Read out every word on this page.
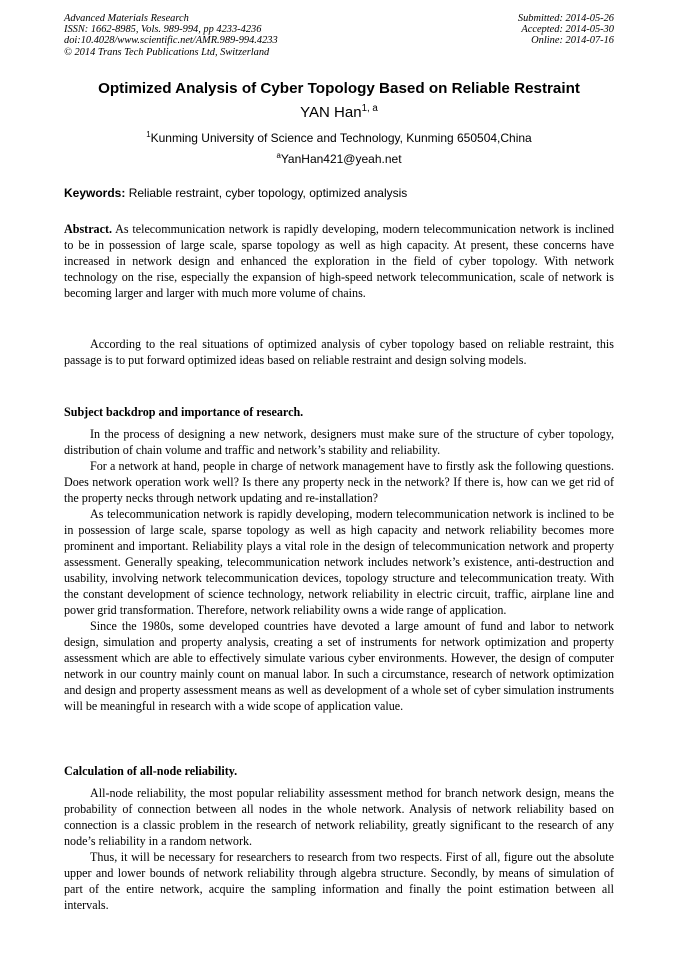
Advanced Materials Research
ISSN: 1662-8985, Vols. 989-994, pp 4233-4236
doi:10.4028/www.scientific.net/AMR.989-994.4233
© 2014 Trans Tech Publications Ltd, Switzerland
Submitted: 2014-05-26
Accepted: 2014-05-30
Online: 2014-07-16
Optimized Analysis of Cyber Topology Based on Reliable Restraint
YAN Han$^{1, a}$
$^1$Kunming University of Science and Technology, Kunming 650504,China
$^a$YanHan421@yeah.net
Keywords: Reliable restraint, cyber topology, optimized analysis

Abstract. As telecommunication network is rapidly developing, modern telecommunication network is inclined to be in possession of large scale, sparse topology as well as high capacity. At present, these concerns have increased in network design and enhanced the exploration in the field of cyber topology. With network technology on the rise, especially the expansion of high-speed network telecommunication, scale of network is becoming larger and larger with much more volume of chains.

According to the real situations of optimized analysis of cyber topology based on reliable restraint, this passage is to put forward optimized ideas based on reliable restraint and design solving models.

Subject backdrop and importance of research.

In the process of designing a new network, designers must make sure of the structure of cyber topology, distribution of chain volume and traffic and network’s stability and reliability.

For a network at hand, people in charge of network management have to firstly ask the following questions. Does network operation work well? Is there any property neck in the network? If there is, how can we get rid of the property necks through network updating and re-installation?

As telecommunication network is rapidly developing, modern telecommunication network is inclined to be in possession of large scale, sparse topology as well as high capacity and network reliability becomes more prominent and important. Reliability plays a vital role in the design of telecommunication network and property assessment. Generally speaking, telecommunication network includes network’s existence, anti-destruction and usability, involving network telecommunication devices, topology structure and telecommunication treaty. With the constant development of science technology, network reliability in electric circuit, traffic, airplane line and power grid transformation. Therefore, network reliability owns a wide range of application.

Since the 1980s, some developed countries have devoted a large amount of fund and labor to network design, simulation and property analysis, creating a set of instruments for network optimization and property assessment which are able to effectively simulate various cyber environments. However, the design of computer network in our country mainly count on manual labor. In such a circumstance, research of network optimization and design and property assessment means as well as development of a whole set of cyber simulation instruments will be meaningful in research with a wide scope of application value.

Calculation of all-node reliability.

All-node reliability, the most popular reliability assessment method for branch network design, means the probability of connection between all nodes in the whole network. Analysis of network reliability based on connection is a classic problem in the research of network reliability, greatly significant to the research of any node’s reliability in a random network.

Thus, it will be necessary for researchers to research from two respects. First of all, figure out the absolute upper and lower bounds of network reliability through algebra structure. Secondly, by means of simulation of part of the entire network, acquire the sampling information and finally the point estimation between all intervals.
